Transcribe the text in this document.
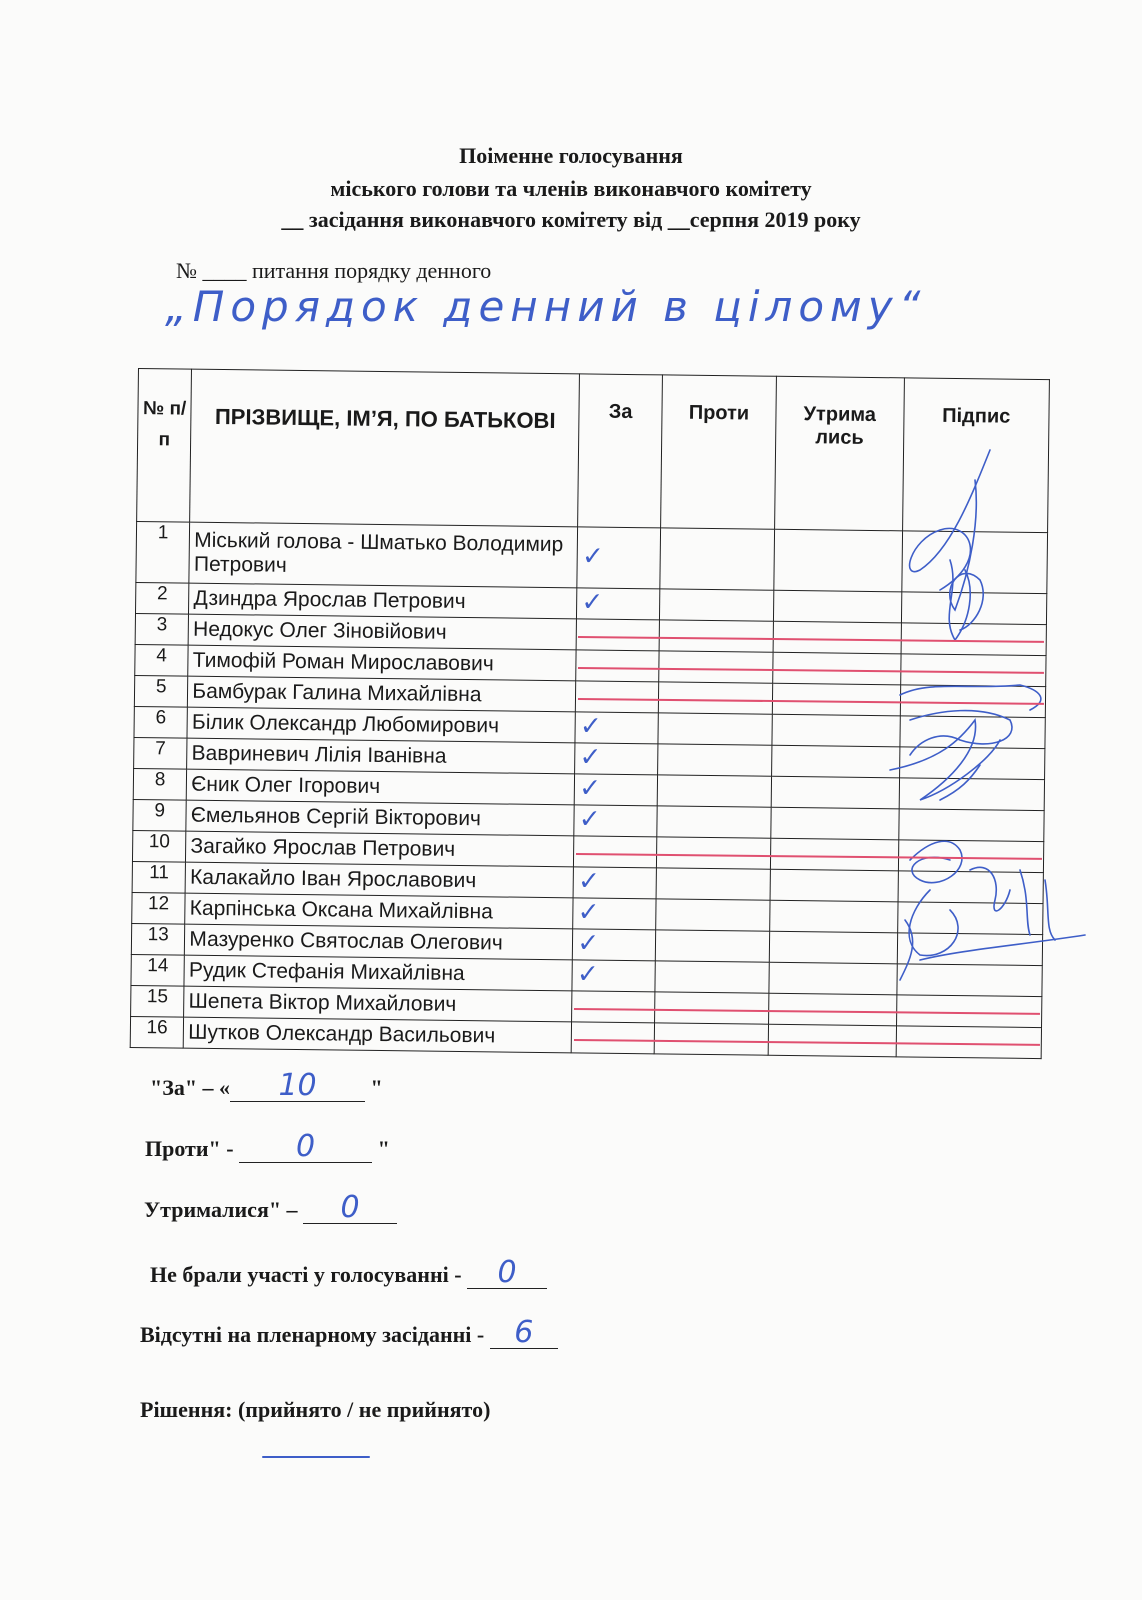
Поіменне голосування
міського голови та членів виконавчого комітету
__ засідання виконавчого комітету від __серпня 2019 року
№ ____ питання порядку денного
„Порядок денний в цілому“
№ п/п	ПРІЗВИЩЕ, ІМ’Я, ПО БАТЬКОВІ	За	Проти	Утрима лись	Підпис
1	Міський голова - Шматько Володимир Петрович	✓			
2	Дзиндра Ярослав Петрович	✓			
3	Недокус Олег Зіновійович				
4	Тимофій Роман Мирославович				
5	Бамбурак Галина Михайлівна				
6	Білик Олександр Любомирович	✓			
7	Вавриневич Лілія Іванівна	✓			
8	Єник Олег Ігорович	✓			
9	Ємельянов Сергій Вікторович	✓			
10	Загайко Ярослав Петрович				
11	Калакайло Іван Ярославович	✓			
12	Карпінська Оксана Михайлівна	✓			
13	Мазуренко Святослав Олегович	✓			
14	Рудик Стефанія Михайлівна	✓			
15	Шепета Віктор Михайлович				
16	Шутков Олександр Васильович				
"За" – «	10	"
Проти" -	0	"
Утрималися" –	0

Не брали участі у голосуванні -	0

Відсутні на пленарному засіданні - 6

Рішення: (прийнято / не прийнято)
